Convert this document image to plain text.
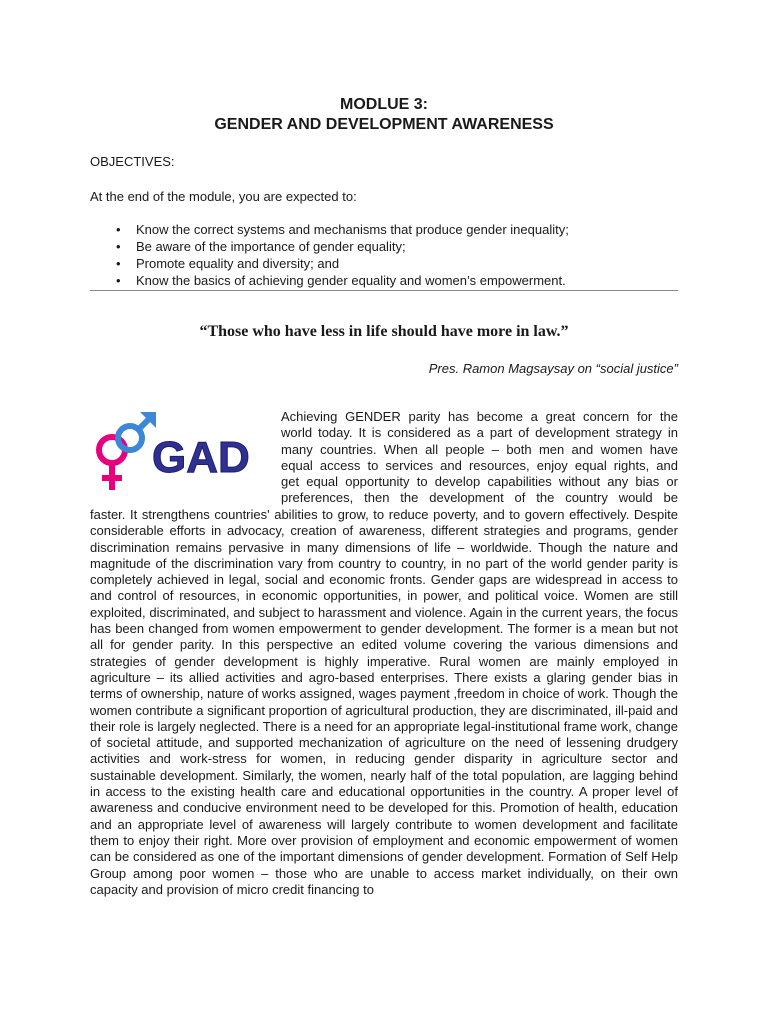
MODLUE 3:
GENDER AND DEVELOPMENT AWARENESS
OBJECTIVES:
At the end of the module, you are expected to:
• Know the correct systems and mechanisms that produce gender inequality;
• Be aware of the importance of gender equality;
• Promote equality and diversity; and
• Know the basics of achieving gender equality and women’s empowerment.
“Those who have less in life should have more in law.”
Pres. Ramon Magsaysay on “social justice”
GAD

Achieving GENDER parity has become a great concern for the

world today. It is considered as a part of development strategy in

many countries. When all people – both men and women have

equal access to services and resources, enjoy equal rights, and

get equal opportunity to develop capabilities without any bias or

preferences, then the development of the country would be

faster. It strengthens countries' abilities to grow, to reduce poverty, and to govern effectively. Despite considerable efforts in advocacy, creation of awareness, different strategies and programs, gender discrimination remains pervasive in many dimensions of life – worldwide. Though the nature and magnitude of the discrimination vary from country to country, in no part of the world gender parity is completely achieved in legal, social and economic fronts. Gender gaps are widespread in access to and control of resources, in economic opportunities, in power, and political voice. Women are still exploited, discriminated, and subject to harassment and violence. Again in the current years, the focus has been changed from women empowerment to gender development. The former is a mean but not all for gender parity. In this perspective an edited volume covering the various dimensions and strategies of gender development is highly imperative. Rural women are mainly employed in agriculture – its allied activities and agro-based enterprises. There exists a glaring gender bias in terms of ownership, nature of works assigned, wages payment ,freedom in choice of work. Though the women contribute a significant proportion of agricultural production, they are discriminated, ill-paid and their role is largely neglected. There is a need for an appropriate legal-institutional frame work, change of societal attitude, and supported mechanization of agriculture on the need of lessening drudgery activities and work-stress for women, in reducing gender disparity in agriculture sector and sustainable development. Similarly, the women, nearly half of the total population, are lagging behind in access to the existing health care and educational opportunities in the country. A proper level of awareness and conducive environment need to be developed for this. Promotion of health, education and an appropriate level of awareness will largely contribute to women development and facilitate them to enjoy their right. More over provision of employment and economic empowerment of women can be considered as one of the important dimensions of gender development. Formation of Self Help Group among poor women – those who are unable to access market individually, on their own capacity and provision of micro credit financing to
